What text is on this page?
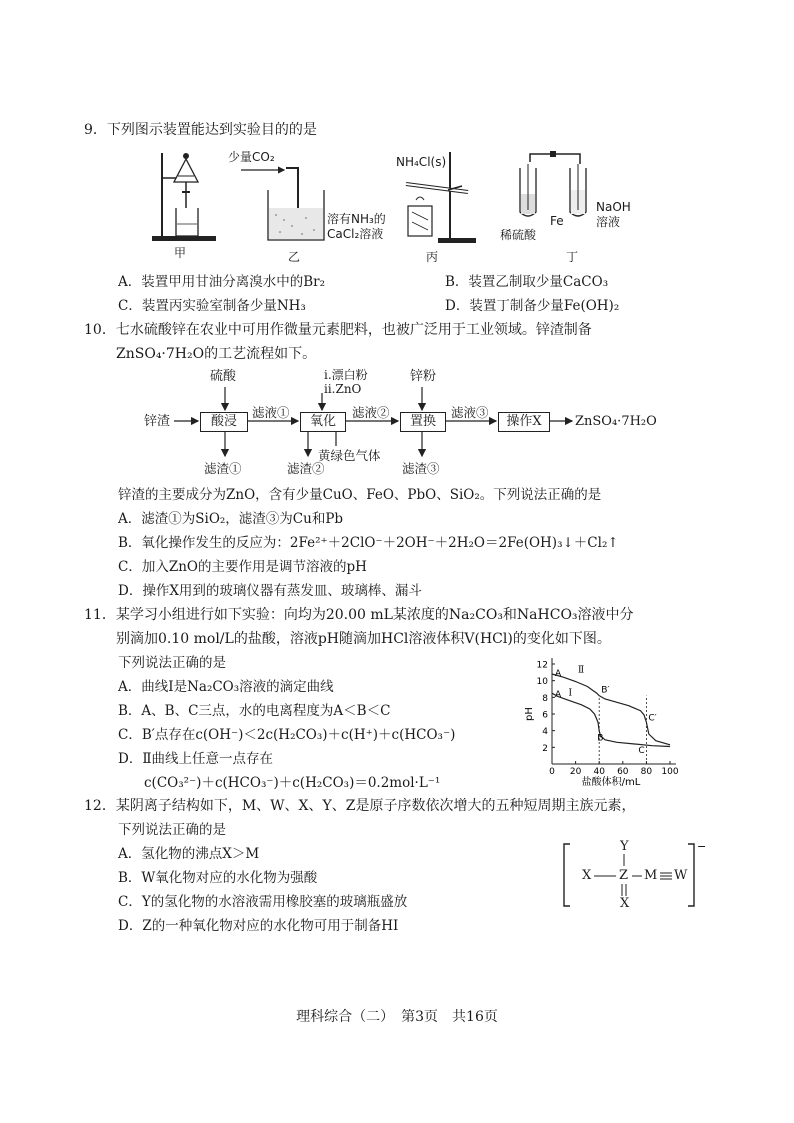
9．下列图示装置能达到实验目的的是
甲
少量CO₂
溶有NH₃的
CaCl₂溶液
乙
NH₄Cl(s)
丙
Fe
NaOH
溶液
稀硫酸
丁
A．装置甲用甘油分离溴水中的Br₂	B．装置乙制取少量CaCO₃
C．装置丙实验室制备少量NH₃	D．装置丁制备少量Fe(OH)₂
10．七水硫酸锌在农业中可用作微量元素肥料，也被广泛用于工业领域。锌渣制备
ZnSO₄·7H₂O的工艺流程如下。
锌渣
硫酸
酸浸
滤液①
滤渣①
ⅰ.漂白粉
ⅱ.ZnO
氧化
黄绿色气体
滤渣②
滤液②
锌粉
置换
滤渣③
滤液③
操作X	ZnSO₄·7H₂O
锌渣的主要成分为ZnO，含有少量CuO、FeO、PbO、SiO₂。下列说法正确的是
A．滤渣①为SiO₂，滤渣③为Cu和Pb
B．氧化操作发生的反应为：2Fe²⁺＋2ClO⁻＋2OH⁻＋2H₂O＝2Fe(OH)₃↓＋Cl₂↑
C．加入ZnO的主要作用是调节溶液的pH
D．操作X用到的玻璃仪器有蒸发皿、玻璃棒、漏斗
11．某学习小组进行如下实验：向均为20.00 mL某浓度的Na₂CO₃和NaHCO₃溶液中分
别滴加0.10 mol/L的盐酸，溶液pH随滴加HCl溶液体积V(HCl)的变化如下图。
下列说法正确的是
A．曲线Ⅰ是Na₂CO₃溶液的滴定曲线
B．A、B、C三点，水的电离程度为A＜B＜C
C．B′点存在c(OH⁻)＜2c(H₂CO₃)＋c(H⁺)＋c(HCO₃⁻)
D．Ⅱ曲线上任意一点存在
c(CO₃²⁻)＋c(HCO₃⁻)＋c(H₂CO₃)＝0.2mol·L⁻¹
12
10
8
6
4
2
0 20 40 60 80 100
pH
盐酸体积/mL
A
A	B′
B
C′
C
Ⅱ
Ⅰ
12．某阴离子结构如下，M、W、X、Y、Z是原子序数依次增大的五种短周期主族元素，
下列说法正确的是
A．氢化物的沸点X＞M
B．W氧化物对应的水化物为强酸
C．Y的氢化物的水溶液需用橡胶塞的玻璃瓶盛放
D．Z的一种氧化物对应的水化物可用于制备HI
−
Y
X Z M W
X
理科综合（二）　第3页　共16页
